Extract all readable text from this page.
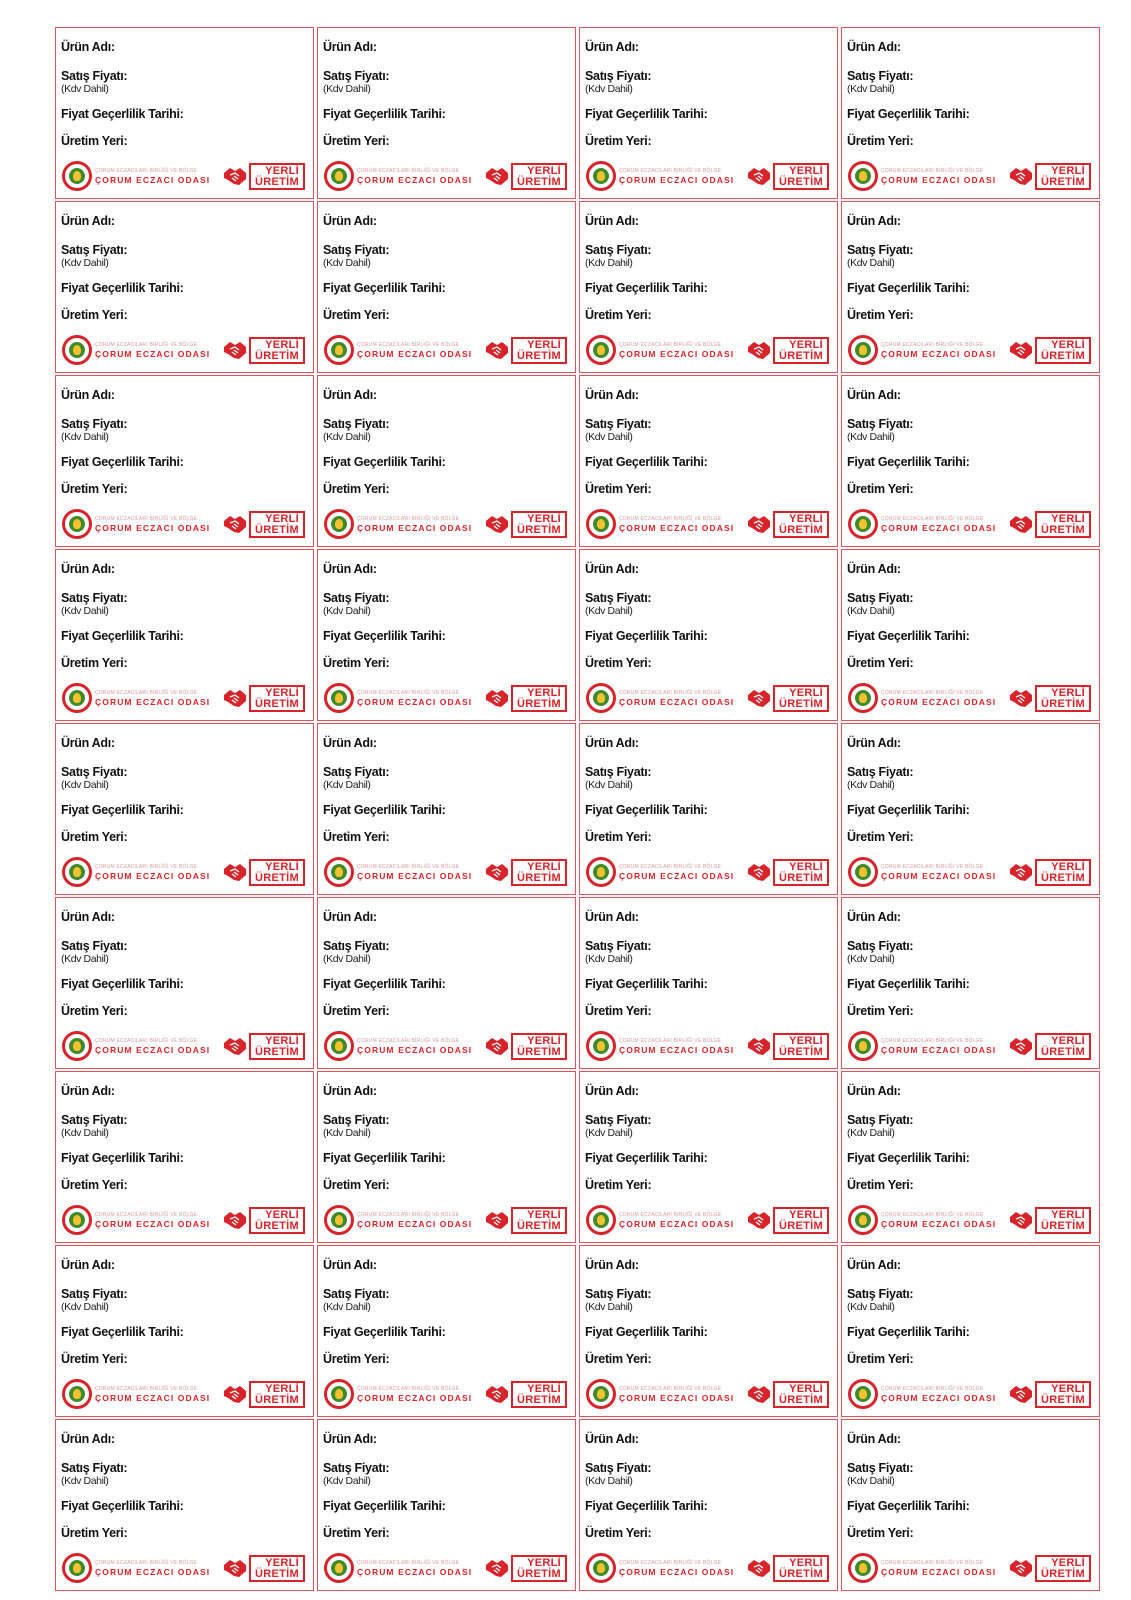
Ürün Adı:
Satış Fiyatı:
(Kdv Dahil)
Fiyat Geçerlilik Tarihi:
Üretim Yeri:
ÇORUM ECZACILARI BİRLİĞİ VE BÖLGE
ÇORUM ECZACI ODASI
YERLİ
ÜRETİM
Ürün Adı:
Satış Fiyatı:
(Kdv Dahil)
Fiyat Geçerlilik Tarihi:
Üretim Yeri:
ÇORUM ECZACILARI BİRLİĞİ VE BÖLGE
ÇORUM ECZACI ODASI
YERLİ
ÜRETİM
Ürün Adı:
Satış Fiyatı:
(Kdv Dahil)
Fiyat Geçerlilik Tarihi:
Üretim Yeri:
ÇORUM ECZACILARI BİRLİĞİ VE BÖLGE
ÇORUM ECZACI ODASI
YERLİ
ÜRETİM
Ürün Adı:
Satış Fiyatı:
(Kdv Dahil)
Fiyat Geçerlilik Tarihi:
Üretim Yeri:
ÇORUM ECZACILARI BİRLİĞİ VE BÖLGE
ÇORUM ECZACI ODASI
YERLİ
ÜRETİM
Ürün Adı:
Satış Fiyatı:
(Kdv Dahil)
Fiyat Geçerlilik Tarihi:
Üretim Yeri:
ÇORUM ECZACILARI BİRLİĞİ VE BÖLGE
ÇORUM ECZACI ODASI
YERLİ
ÜRETİM
Ürün Adı:
Satış Fiyatı:
(Kdv Dahil)
Fiyat Geçerlilik Tarihi:
Üretim Yeri:
ÇORUM ECZACILARI BİRLİĞİ VE BÖLGE
ÇORUM ECZACI ODASI
YERLİ
ÜRETİM
Ürün Adı:
Satış Fiyatı:
(Kdv Dahil)
Fiyat Geçerlilik Tarihi:
Üretim Yeri:
ÇORUM ECZACILARI BİRLİĞİ VE BÖLGE
ÇORUM ECZACI ODASI
YERLİ
ÜRETİM
Ürün Adı:
Satış Fiyatı:
(Kdv Dahil)
Fiyat Geçerlilik Tarihi:
Üretim Yeri:
ÇORUM ECZACILARI BİRLİĞİ VE BÖLGE
ÇORUM ECZACI ODASI
YERLİ
ÜRETİM
Ürün Adı:
Satış Fiyatı:
(Kdv Dahil)
Fiyat Geçerlilik Tarihi:
Üretim Yeri:
ÇORUM ECZACILARI BİRLİĞİ VE BÖLGE
ÇORUM ECZACI ODASI
YERLİ
ÜRETİM
Ürün Adı:
Satış Fiyatı:
(Kdv Dahil)
Fiyat Geçerlilik Tarihi:
Üretim Yeri:
ÇORUM ECZACILARI BİRLİĞİ VE BÖLGE
ÇORUM ECZACI ODASI
YERLİ
ÜRETİM
Ürün Adı:
Satış Fiyatı:
(Kdv Dahil)
Fiyat Geçerlilik Tarihi:
Üretim Yeri:
ÇORUM ECZACILARI BİRLİĞİ VE BÖLGE
ÇORUM ECZACI ODASI
YERLİ
ÜRETİM
Ürün Adı:
Satış Fiyatı:
(Kdv Dahil)
Fiyat Geçerlilik Tarihi:
Üretim Yeri:
ÇORUM ECZACILARI BİRLİĞİ VE BÖLGE
ÇORUM ECZACI ODASI
YERLİ
ÜRETİM
Ürün Adı:
Satış Fiyatı:
(Kdv Dahil)
Fiyat Geçerlilik Tarihi:
Üretim Yeri:
ÇORUM ECZACILARI BİRLİĞİ VE BÖLGE
ÇORUM ECZACI ODASI
YERLİ
ÜRETİM
Ürün Adı:
Satış Fiyatı:
(Kdv Dahil)
Fiyat Geçerlilik Tarihi:
Üretim Yeri:
ÇORUM ECZACILARI BİRLİĞİ VE BÖLGE
ÇORUM ECZACI ODASI
YERLİ
ÜRETİM
Ürün Adı:
Satış Fiyatı:
(Kdv Dahil)
Fiyat Geçerlilik Tarihi:
Üretim Yeri:
ÇORUM ECZACILARI BİRLİĞİ VE BÖLGE
ÇORUM ECZACI ODASI
YERLİ
ÜRETİM
Ürün Adı:
Satış Fiyatı:
(Kdv Dahil)
Fiyat Geçerlilik Tarihi:
Üretim Yeri:
ÇORUM ECZACILARI BİRLİĞİ VE BÖLGE
ÇORUM ECZACI ODASI
YERLİ
ÜRETİM
Ürün Adı:
Satış Fiyatı:
(Kdv Dahil)
Fiyat Geçerlilik Tarihi:
Üretim Yeri:
ÇORUM ECZACILARI BİRLİĞİ VE BÖLGE
ÇORUM ECZACI ODASI
YERLİ
ÜRETİM
Ürün Adı:
Satış Fiyatı:
(Kdv Dahil)
Fiyat Geçerlilik Tarihi:
Üretim Yeri:
ÇORUM ECZACILARI BİRLİĞİ VE BÖLGE
ÇORUM ECZACI ODASI
YERLİ
ÜRETİM
Ürün Adı:
Satış Fiyatı:
(Kdv Dahil)
Fiyat Geçerlilik Tarihi:
Üretim Yeri:
ÇORUM ECZACILARI BİRLİĞİ VE BÖLGE
ÇORUM ECZACI ODASI
YERLİ
ÜRETİM
Ürün Adı:
Satış Fiyatı:
(Kdv Dahil)
Fiyat Geçerlilik Tarihi:
Üretim Yeri:
ÇORUM ECZACILARI BİRLİĞİ VE BÖLGE
ÇORUM ECZACI ODASI
YERLİ
ÜRETİM
Ürün Adı:
Satış Fiyatı:
(Kdv Dahil)
Fiyat Geçerlilik Tarihi:
Üretim Yeri:
ÇORUM ECZACILARI BİRLİĞİ VE BÖLGE
ÇORUM ECZACI ODASI
YERLİ
ÜRETİM
Ürün Adı:
Satış Fiyatı:
(Kdv Dahil)
Fiyat Geçerlilik Tarihi:
Üretim Yeri:
ÇORUM ECZACILARI BİRLİĞİ VE BÖLGE
ÇORUM ECZACI ODASI
YERLİ
ÜRETİM
Ürün Adı:
Satış Fiyatı:
(Kdv Dahil)
Fiyat Geçerlilik Tarihi:
Üretim Yeri:
ÇORUM ECZACILARI BİRLİĞİ VE BÖLGE
ÇORUM ECZACI ODASI
YERLİ
ÜRETİM
Ürün Adı:
Satış Fiyatı:
(Kdv Dahil)
Fiyat Geçerlilik Tarihi:
Üretim Yeri:
ÇORUM ECZACILARI BİRLİĞİ VE BÖLGE
ÇORUM ECZACI ODASI
YERLİ
ÜRETİM
Ürün Adı:
Satış Fiyatı:
(Kdv Dahil)
Fiyat Geçerlilik Tarihi:
Üretim Yeri:
ÇORUM ECZACILARI BİRLİĞİ VE BÖLGE
ÇORUM ECZACI ODASI
YERLİ
ÜRETİM
Ürün Adı:
Satış Fiyatı:
(Kdv Dahil)
Fiyat Geçerlilik Tarihi:
Üretim Yeri:
ÇORUM ECZACILARI BİRLİĞİ VE BÖLGE
ÇORUM ECZACI ODASI
YERLİ
ÜRETİM
Ürün Adı:
Satış Fiyatı:
(Kdv Dahil)
Fiyat Geçerlilik Tarihi:
Üretim Yeri:
ÇORUM ECZACILARI BİRLİĞİ VE BÖLGE
ÇORUM ECZACI ODASI
YERLİ
ÜRETİM
Ürün Adı:
Satış Fiyatı:
(Kdv Dahil)
Fiyat Geçerlilik Tarihi:
Üretim Yeri:
ÇORUM ECZACILARI BİRLİĞİ VE BÖLGE
ÇORUM ECZACI ODASI
YERLİ
ÜRETİM
Ürün Adı:
Satış Fiyatı:
(Kdv Dahil)
Fiyat Geçerlilik Tarihi:
Üretim Yeri:
ÇORUM ECZACILARI BİRLİĞİ VE BÖLGE
ÇORUM ECZACI ODASI
YERLİ
ÜRETİM
Ürün Adı:
Satış Fiyatı:
(Kdv Dahil)
Fiyat Geçerlilik Tarihi:
Üretim Yeri:
ÇORUM ECZACILARI BİRLİĞİ VE BÖLGE
ÇORUM ECZACI ODASI
YERLİ
ÜRETİM
Ürün Adı:
Satış Fiyatı:
(Kdv Dahil)
Fiyat Geçerlilik Tarihi:
Üretim Yeri:
ÇORUM ECZACILARI BİRLİĞİ VE BÖLGE
ÇORUM ECZACI ODASI
YERLİ
ÜRETİM
Ürün Adı:
Satış Fiyatı:
(Kdv Dahil)
Fiyat Geçerlilik Tarihi:
Üretim Yeri:
ÇORUM ECZACILARI BİRLİĞİ VE BÖLGE
ÇORUM ECZACI ODASI
YERLİ
ÜRETİM
Ürün Adı:
Satış Fiyatı:
(Kdv Dahil)
Fiyat Geçerlilik Tarihi:
Üretim Yeri:
ÇORUM ECZACILARI BİRLİĞİ VE BÖLGE
ÇORUM ECZACI ODASI
YERLİ
ÜRETİM
Ürün Adı:
Satış Fiyatı:
(Kdv Dahil)
Fiyat Geçerlilik Tarihi:
Üretim Yeri:
ÇORUM ECZACILARI BİRLİĞİ VE BÖLGE
ÇORUM ECZACI ODASI
YERLİ
ÜRETİM
Ürün Adı:
Satış Fiyatı:
(Kdv Dahil)
Fiyat Geçerlilik Tarihi:
Üretim Yeri:
ÇORUM ECZACILARI BİRLİĞİ VE BÖLGE
ÇORUM ECZACI ODASI
YERLİ
ÜRETİM
Ürün Adı:
Satış Fiyatı:
(Kdv Dahil)
Fiyat Geçerlilik Tarihi:
Üretim Yeri:
ÇORUM ECZACILARI BİRLİĞİ VE BÖLGE
ÇORUM ECZACI ODASI
YERLİ
ÜRETİM
